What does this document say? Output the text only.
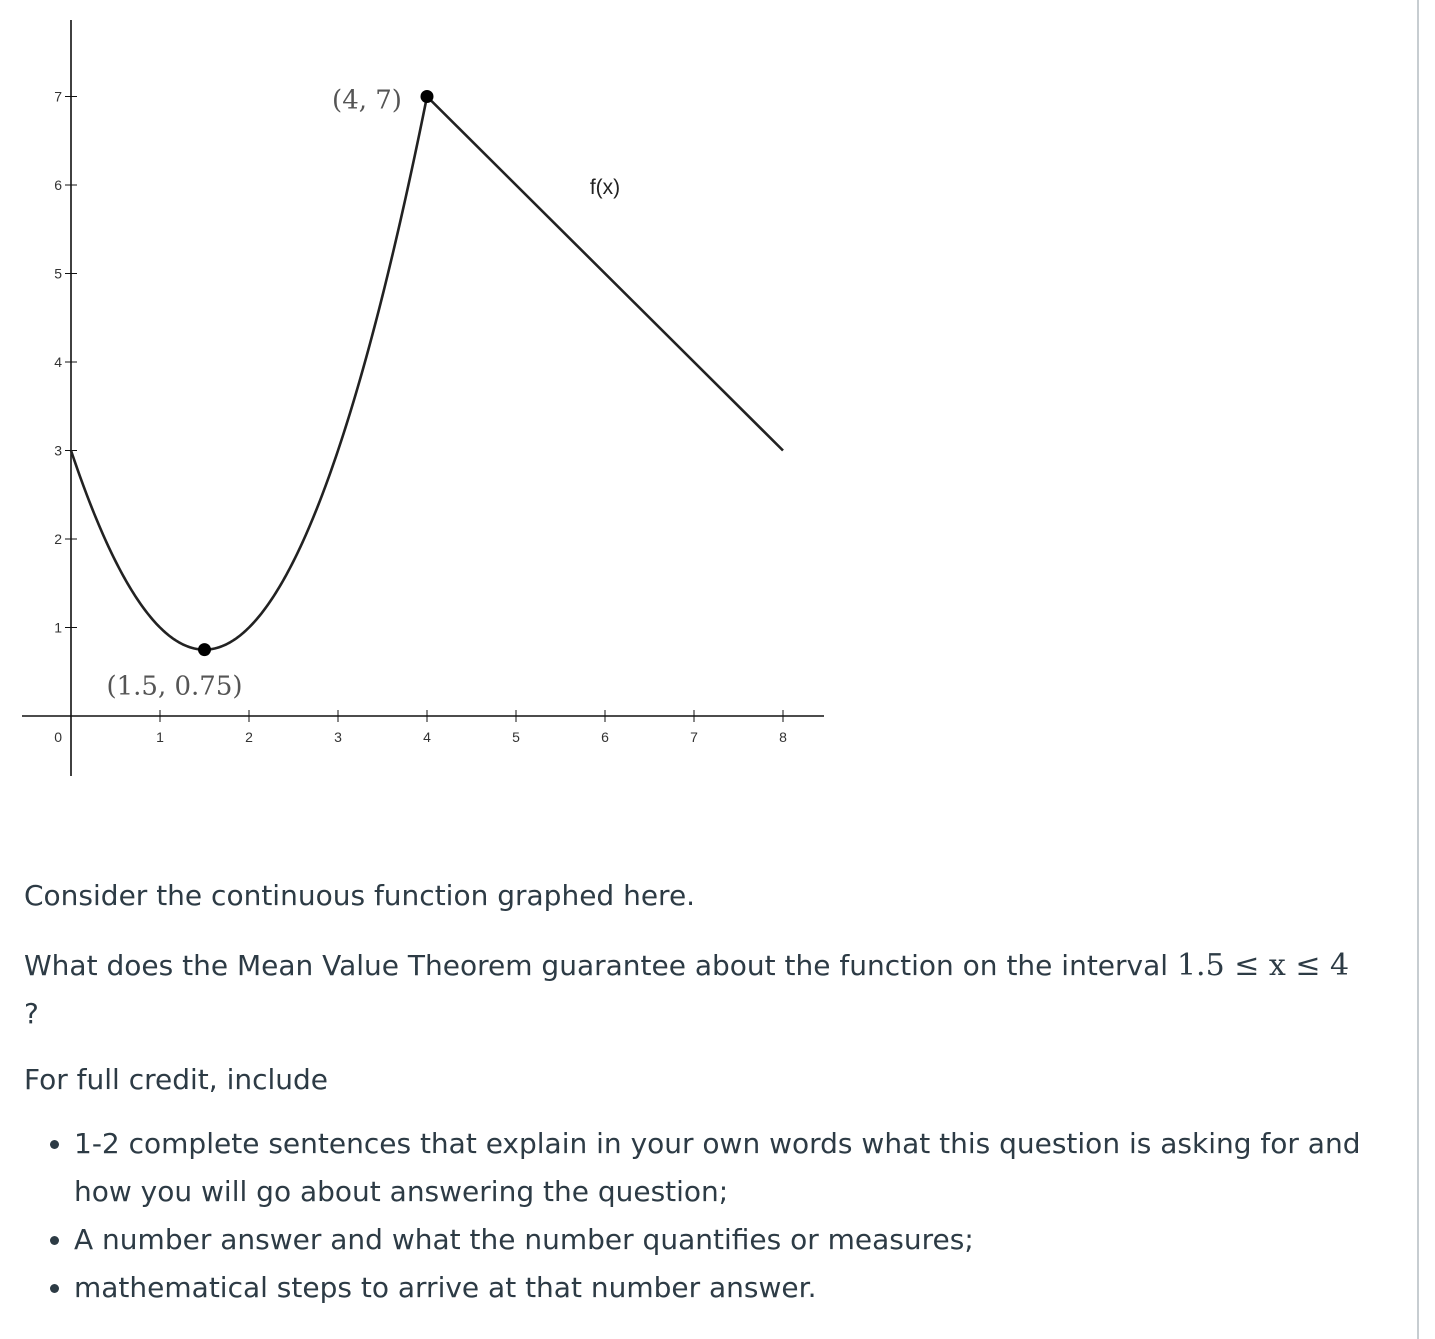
1	2	3	4	5	6	7	8
1
2
3
4
5
6
7
0
f(x)
(1.5, 0.75)
(4, 7)

Consider the continuous function graphed here.

What does the Mean Value Theorem guarantee about the function on the interval 1.5 ≤ x ≤ 4
?

For full credit, include

• 1-2 complete sentences that explain in your own words what this question is asking for and how you will go about answering the question;
• A number answer and what the number quantifies or measures;
• mathematical steps to arrive at that number answer.
